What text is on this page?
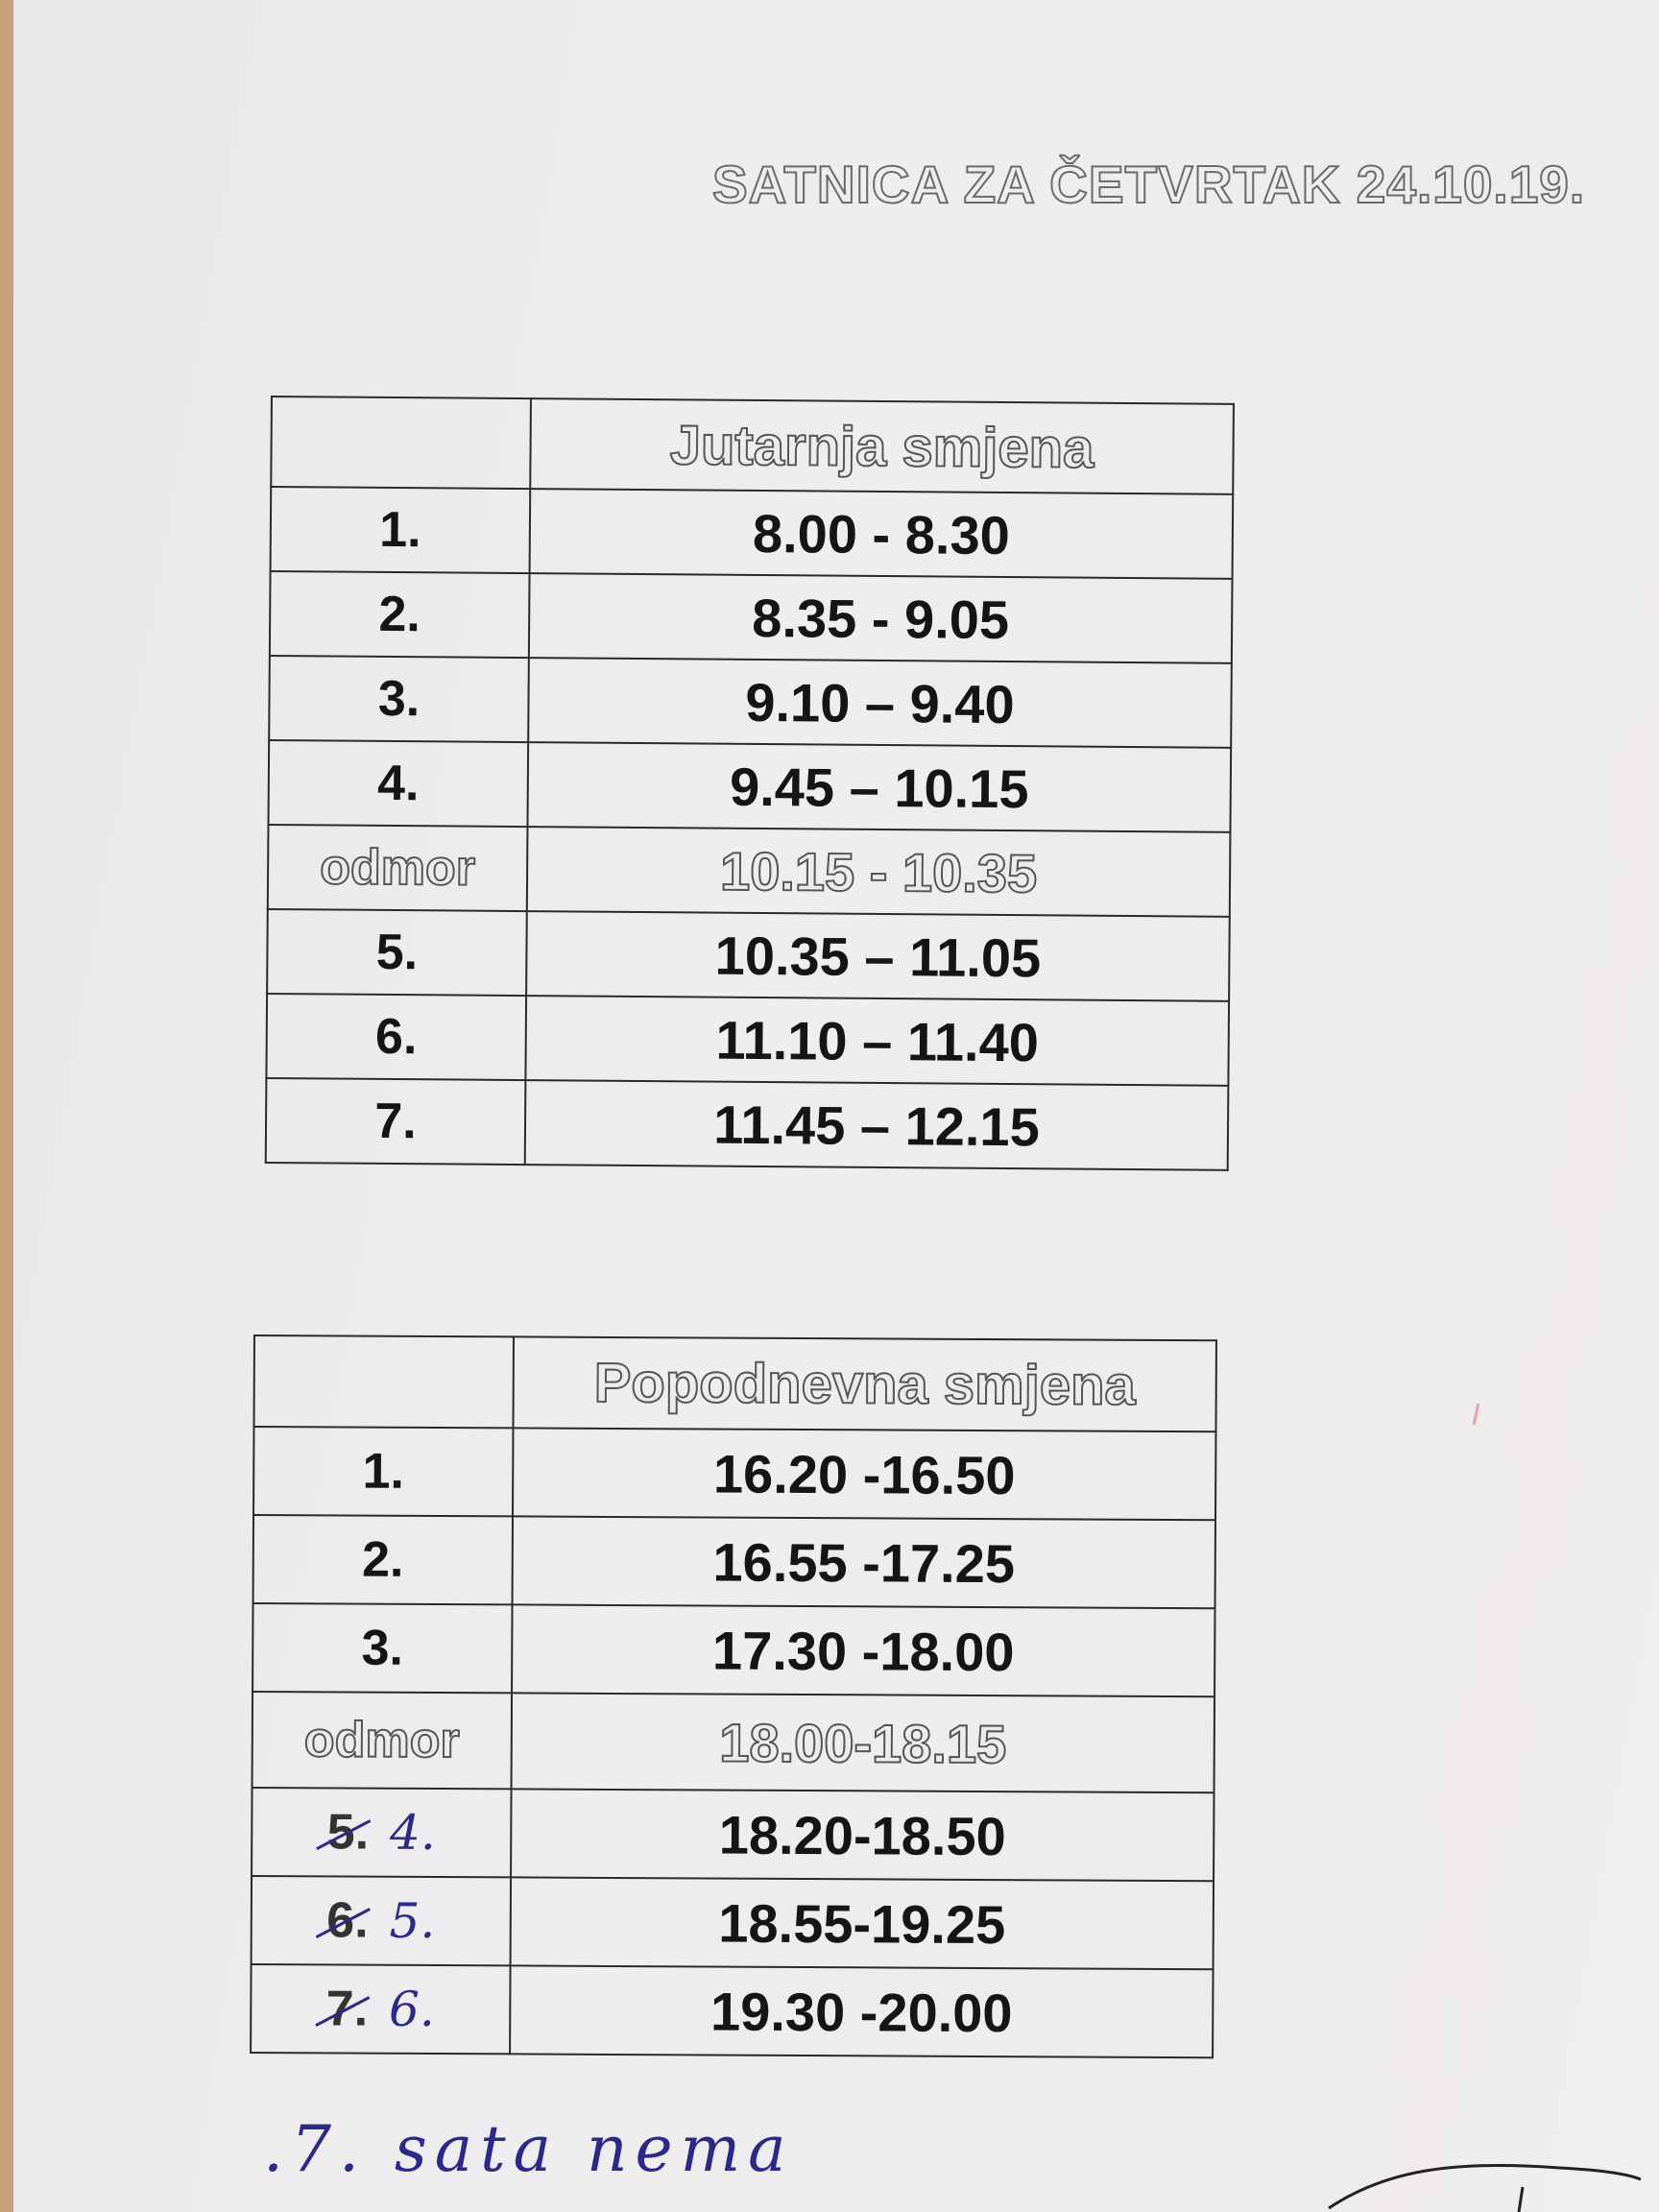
SATNICA ZA ČETVRTAK 24.10.19.
	Jutarnja smjena
1.	8.00 - 8.30
2.	8.35 - 9.05
3.	9.10 – 9.40
4.	9.45 – 10.15
odmor	10.15 - 10.35
5.	10.35 – 11.05
6.	11.10 – 11.40
7.	11.45 – 12.15
	Popodnevna smjena
1.	16.20 -16.50
2.	16.55 -17.25
3.	17.30 -18.00
odmor	18.00-18.15
5. 4.	18.20-18.50
6. 5.	18.55-19.25
7. 6.	19.30 -20.00
.7. sata nema
